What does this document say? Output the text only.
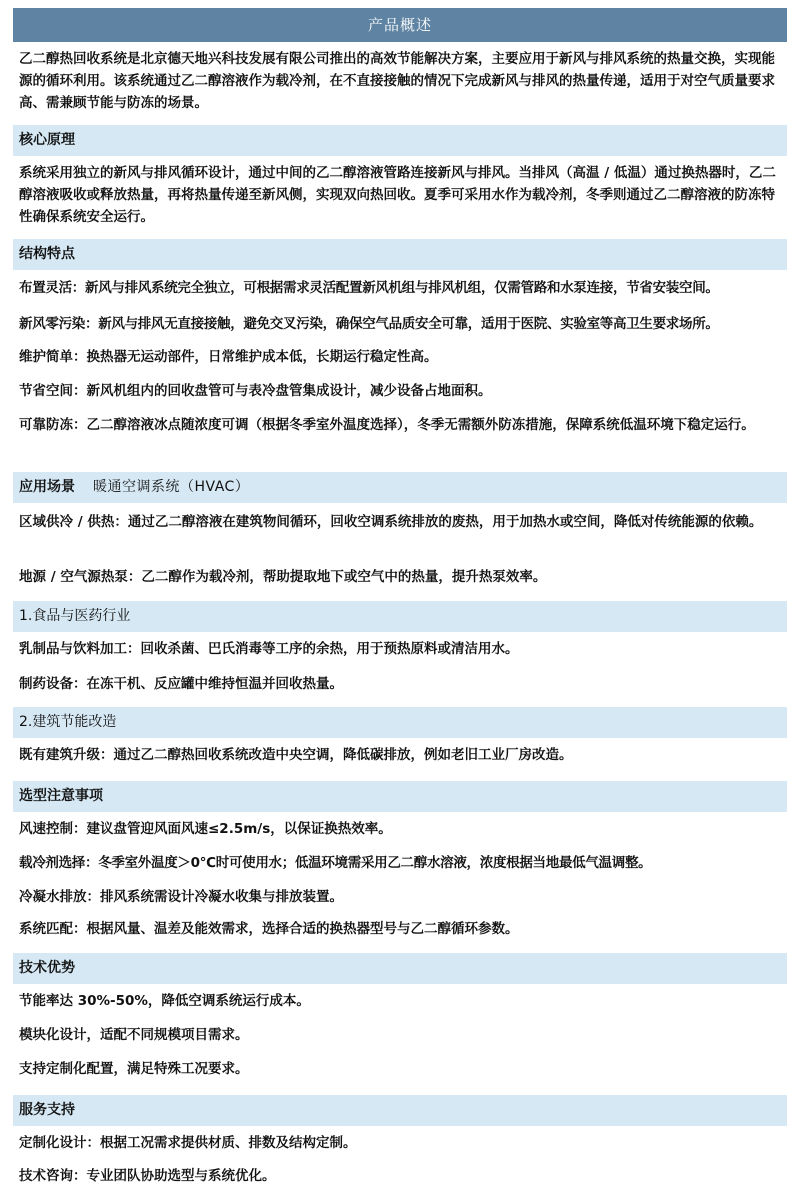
产品概述
乙二醇热回收系统是北京德天地兴科技发展有限公司推出的高效节能解决方案，主要应用于新风与排风系统的热量交换，实现能源的循环利用。该系统通过乙二醇溶液作为载冷剂，在不直接接触的情况下完成新风与排风的热量传递，适用于对空气质量要求高、需兼顾节能与防冻的场景。
核心原理
系统采用独立的新风与排风循环设计，通过中间的乙二醇溶液管路连接新风与排风。当排风（高温 / 低温）通过换热器时，乙二醇溶液吸收或释放热量，再将热量传递至新风侧，实现双向热回收。夏季可采用水作为载冷剂，冬季则通过乙二醇溶液的防冻特性确保系统安全运行。
结构特点
布置灵活：新风与排风系统完全独立，可根据需求灵活配置新风机组与排风机组，仅需管路和水泵连接，节省安装空间。
新风零污染：新风与排风无直接接触，避免交叉污染，确保空气品质安全可靠，适用于医院、实验室等高卫生要求场所。
维护简单：换热器无运动部件，日常维护成本低，长期运行稳定性高。
节省空间：新风机组内的回收盘管可与表冷盘管集成设计，减少设备占地面积。
可靠防冻：乙二醇溶液冰点随浓度可调（根据冬季室外温度选择），冬季无需额外防冻措施，保障系统低温环境下稳定运行。
应用场景 暖通空调系统（HVAC）
区域供冷 / 供热：通过乙二醇溶液在建筑物间循环，回收空调系统排放的废热，用于加热水或空间，降低对传统能源的依赖。
地源 / 空气源热泵：乙二醇作为载冷剂，帮助提取地下或空气中的热量，提升热泵效率。
1.食品与医药行业
乳制品与饮料加工：回收杀菌、巴氏消毒等工序的余热，用于预热原料或清洁用水。
制药设备：在冻干机、反应罐中维持恒温并回收热量。
2.建筑节能改造
既有建筑升级：通过乙二醇热回收系统改造中央空调，降低碳排放，例如老旧工业厂房改造。
选型注意事项
风速控制：建议盘管迎风面风速≤2.5m/s，以保证换热效率。
载冷剂选择：冬季室外温度＞0℃时可使用水；低温环境需采用乙二醇水溶液，浓度根据当地最低气温调整。
冷凝水排放：排风系统需设计冷凝水收集与排放装置。
系统匹配：根据风量、温差及能效需求，选择合适的换热器型号与乙二醇循环参数。
技术优势
节能率达 30%-50%，降低空调系统运行成本。
模块化设计，适配不同规模项目需求。
支持定制化配置，满足特殊工况要求。
服务支持
定制化设计：根据工况需求提供材质、排数及结构定制。
技术咨询：专业团队协助选型与系统优化。
